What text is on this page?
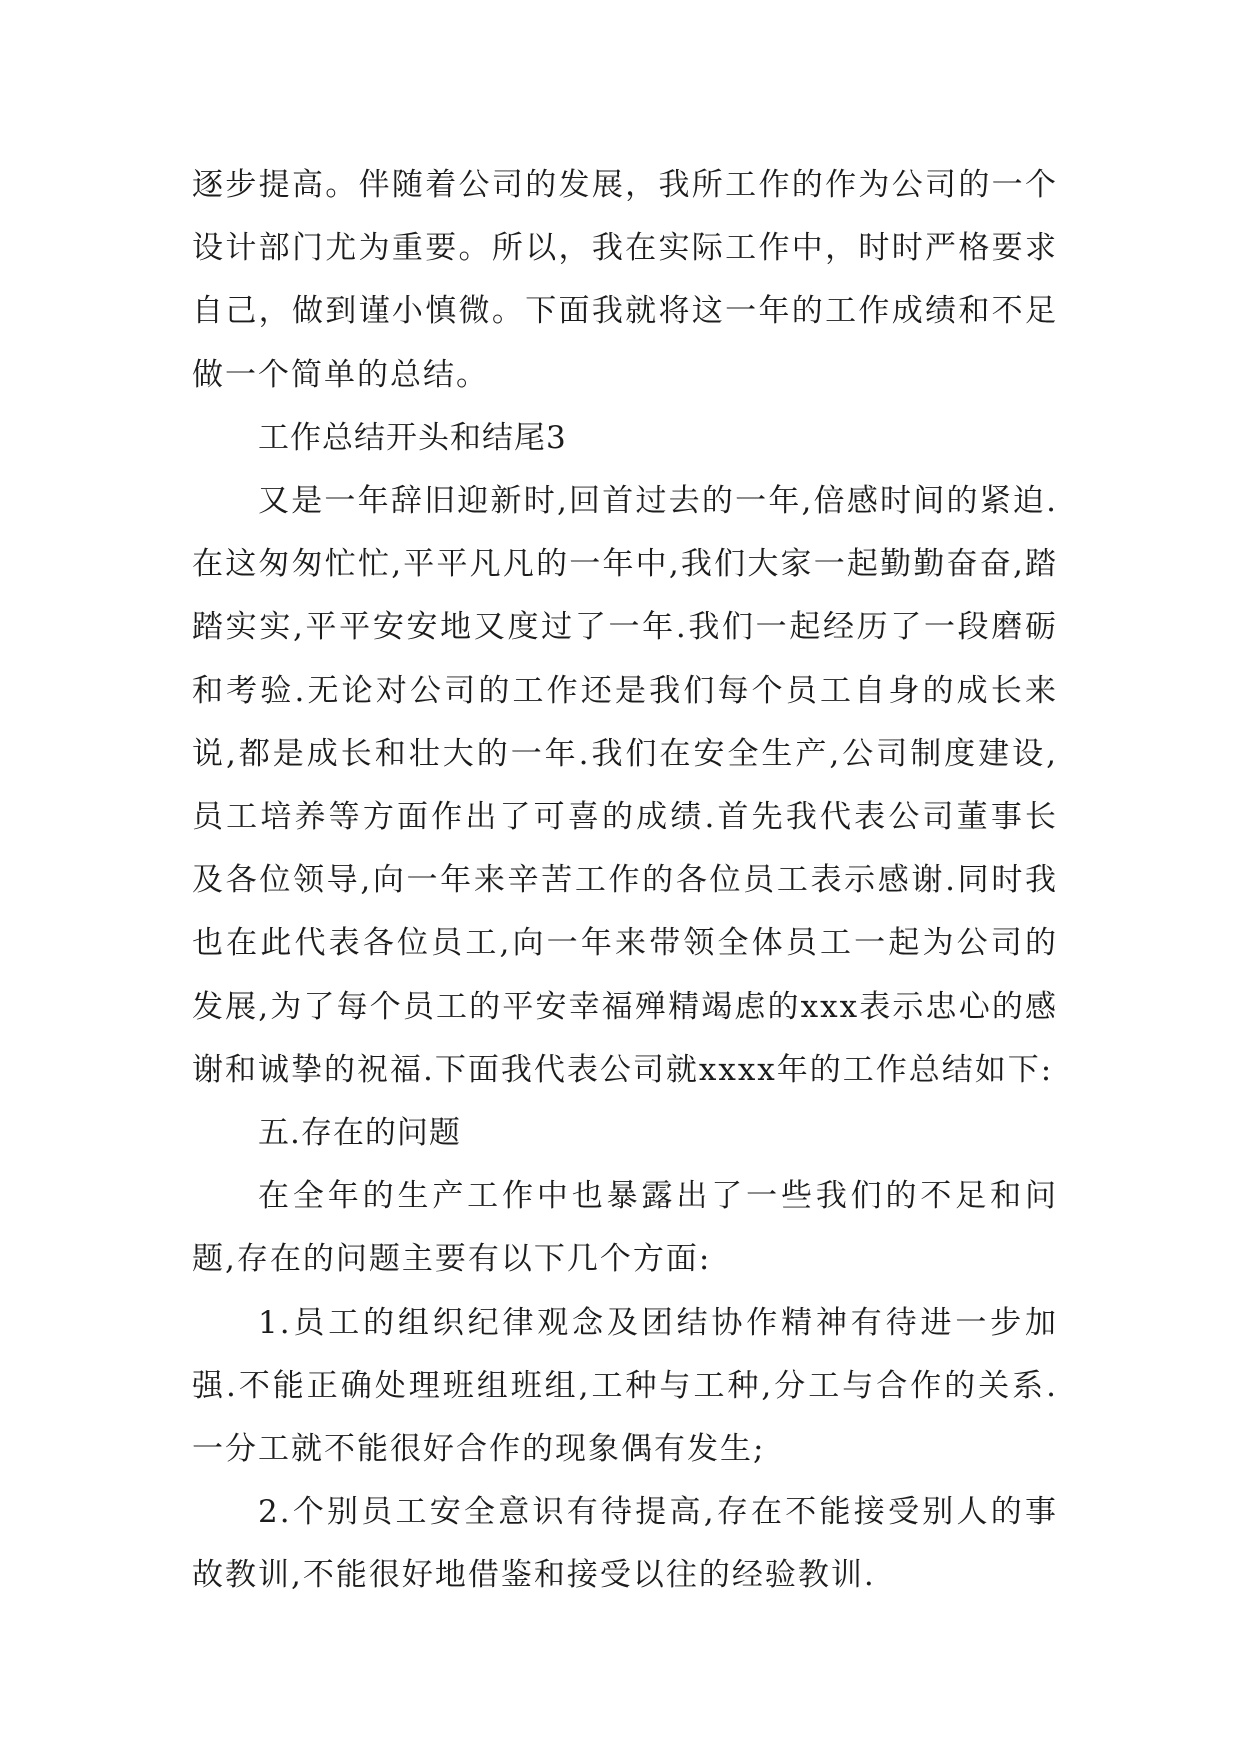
逐步提高。伴随着公司的发展，我所工作的作为公司的一个设计部门尤为重要。所以，我在实际工作中，时时严格要求自己，做到谨小慎微。下面我就将这一年的工作成绩和不足做一个简单的总结。

工作总结开头和结尾3

又是一年辞旧迎新时,回首过去的一年,倍感时间的紧迫.在这匆匆忙忙,平平凡凡的一年中,我们大家一起勤勤奋奋,踏踏实实,平平安安地又度过了一年.我们一起经历了一段磨砺和考验.无论对公司的工作还是我们每个员工自身的成长来说,都是成长和壮大的一年.我们在安全生产,公司制度建设,员工培养等方面作出了可喜的成绩.首先我代表公司董事长及各位领导,向一年来辛苦工作的各位员工表示感谢.同时我也在此代表各位员工,向一年来带领全体员工一起为公司的发展,为了每个员工的平安幸福殚精竭虑的xxx表示忠心的感谢和诚挚的祝福.下面我代表公司就xxxx年的工作总结如下:

五.存在的问题

在全年的生产工作中也暴露出了一些我们的不足和问题,存在的问题主要有以下几个方面:

1.员工的组织纪律观念及团结协作精神有待进一步加强.不能正确处理班组班组,工种与工种,分工与合作的关系.一分工就不能很好合作的现象偶有发生;

2.个别员工安全意识有待提高,存在不能接受别人的事故教训,不能很好地借鉴和接受以往的经验教训.
